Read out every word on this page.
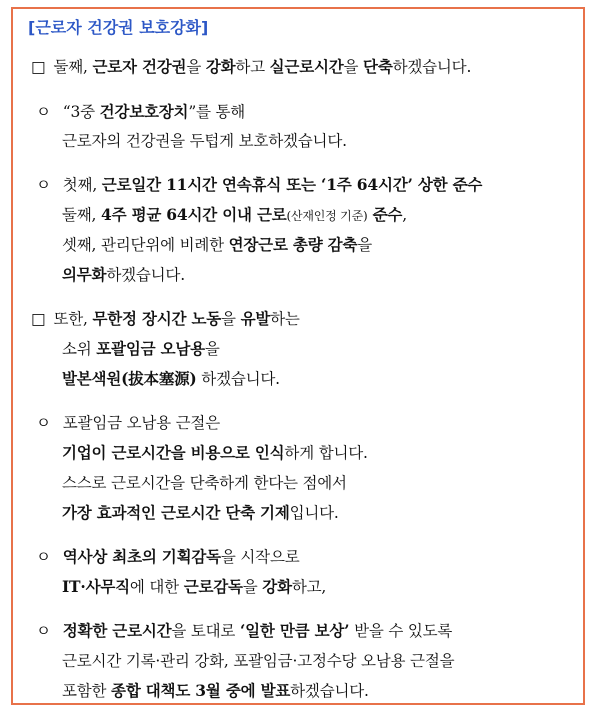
[근로자 건강권 보호강화]
□ 둘째, 근로자 건강권을 강화하고 실근로시간을 단축하겠습니다.
ㅇ “3중 건강보호장치”를 통해
근로자의 건강권을 두텁게 보호하겠습니다.
ㅇ 첫째, 근로일간 11시간 연속휴식 또는 ‘1주 64시간’ 상한 준수
둘째, 4주 평균 64시간 이내 근로(산재인정 기준) 준수,
셋째, 관리단위에 비례한 연장근로 총량 감축을
의무화하겠습니다.
□ 또한, 무한정 장시간 노동을 유발하는
소위 포괄임금 오남용을
발본색원(拔本塞源) 하겠습니다.
ㅇ 포괄임금 오남용 근절은
기업이 근로시간을 비용으로 인식하게 합니다.
스스로 근로시간을 단축하게 한다는 점에서
가장 효과적인 근로시간 단축 기제입니다.
ㅇ 역사상 최초의 기획감독을 시작으로
IT·사무직에 대한 근로감독을 강화하고,
ㅇ 정확한 근로시간을 토대로 ‘일한 만큼 보상’ 받을 수 있도록
근로시간 기록·관리 강화, 포괄임금·고정수당 오남용 근절을
포함한 종합 대책도 3월 중에 발표하겠습니다.
